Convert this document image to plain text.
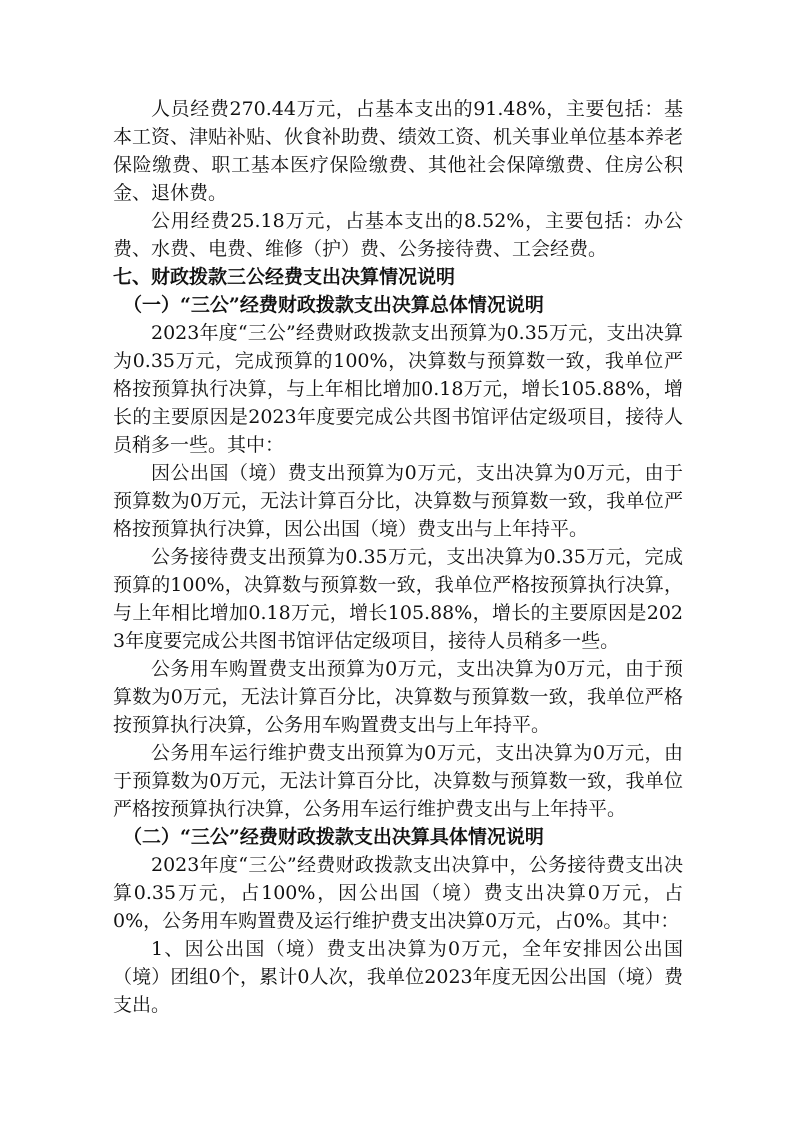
人员经费270.44万元，占基本支出的91.48%，主要包括：基本工资、津贴补贴、伙食补助费、绩效工资、机关事业单位基本养老保险缴费、职工基本医疗保险缴费、其他社会保障缴费、住房公积金、退休费。

公用经费25.18万元，占基本支出的8.52%，主要包括：办公费、水费、电费、维修（护）费、公务接待费、工会经费。

七、财政拨款三公经费支出决算情况说明
（一）“三公”经费财政拨款支出决算总体情况说明

2023年度“三公”经费财政拨款支出预算为0.35万元，支出决算为0.35万元，完成预算的100%，决算数与预算数一致，我单位严格按预算执行决算，与上年相比增加0.18万元，增长105.88%，增长的主要原因是2023年度要完成公共图书馆评估定级项目，接待人员稍多一些。其中：

因公出国（境）费支出预算为0万元，支出决算为0万元，由于预算数为0万元，无法计算百分比，决算数与预算数一致，我单位严格按预算执行决算，因公出国（境）费支出与上年持平。

公务接待费支出预算为0.35万元，支出决算为0.35万元，完成预算的100%，决算数与预算数一致，我单位严格按预算执行决算，与上年相比增加0.18万元，增长105.88%，增长的主要原因是2023年度要完成公共图书馆评估定级项目，接待人员稍多一些。

公务用车购置费支出预算为0万元，支出决算为0万元，由于预算数为0万元，无法计算百分比，决算数与预算数一致，我单位严格按预算执行决算，公务用车购置费支出与上年持平。

公务用车运行维护费支出预算为0万元，支出决算为0万元，由于预算数为0万元，无法计算百分比，决算数与预算数一致，我单位严格按预算执行决算，公务用车运行维护费支出与上年持平。

（二）“三公”经费财政拨款支出决算具体情况说明

2023年度“三公”经费财政拨款支出决算中，公务接待费支出决算0.35万元，占100%，因公出国（境）费支出决算0万元，占0%，公务用车购置费及运行维护费支出决算0万元，占0%。其中：

1、因公出国（境）费支出决算为0万元，全年安排因公出国（境）团组0个，累计0人次，我单位2023年度无因公出国（境）费支出。
